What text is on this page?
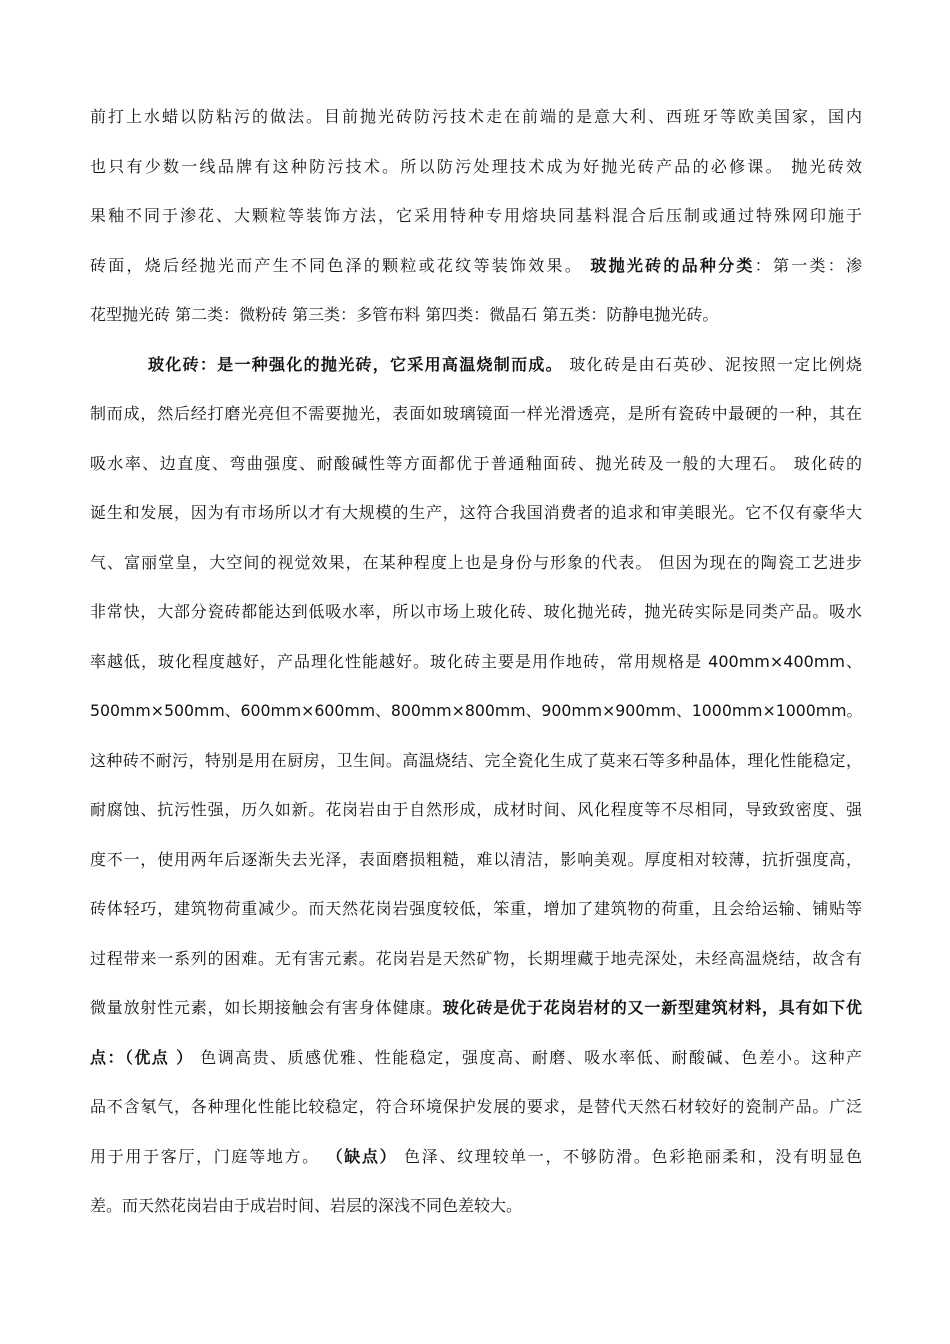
前打上水蜡以防粘污的做法。目前抛光砖防污技术走在前端的是意大利、西班牙等欧美国家，国内
也只有少数一线品牌有这种防污技术。所以防污处理技术成为好抛光砖产品的必修课。 抛光砖效
果釉不同于渗花、大颗粒等装饰方法，它采用特种专用熔块同基料混合后压制或通过特殊网印施于
砖面，烧后经抛光而产生不同色泽的颗粒或花纹等装饰效果。 玻抛光砖的品种分类：第一类：渗
花型抛光砖 第二类：微粉砖 第三类：多管布料 第四类：微晶石 第五类：防静电抛光砖。
玻化砖：是一种强化的抛光砖，它采用高温烧制而成。 玻化砖是由石英砂、泥按照一定比例烧
制而成，然后经打磨光亮但不需要抛光，表面如玻璃镜面一样光滑透亮，是所有瓷砖中最硬的一种，其在
吸水率、边直度、弯曲强度、耐酸碱性等方面都优于普通釉面砖、抛光砖及一般的大理石。 玻化砖的
诞生和发展，因为有市场所以才有大规模的生产，这符合我国消费者的追求和审美眼光。它不仅有豪华大
气、富丽堂皇，大空间的视觉效果，在某种程度上也是身份与形象的代表。 但因为现在的陶瓷工艺进步
非常快，大部分瓷砖都能达到低吸水率，所以市场上玻化砖、玻化抛光砖，抛光砖实际是同类产品。吸水
率越低，玻化程度越好，产品理化性能越好。玻化砖主要是用作地砖，常用规格是 400mm×400mm、
500mm×500mm、600mm×600mm、800mm×800mm、900mm×900mm、1000mm×1000mm。
这种砖不耐污，特别是用在厨房，卫生间。高温烧结、完全瓷化生成了莫来石等多种晶体，理化性能稳定，
耐腐蚀、抗污性强，历久如新。花岗岩由于自然形成，成材时间、风化程度等不尽相同，导致致密度、强
度不一，使用两年后逐渐失去光泽，表面磨损粗糙，难以清洁，影响美观。厚度相对较薄，抗折强度高，
砖体轻巧，建筑物荷重减少。而天然花岗岩强度较低，笨重，增加了建筑物的荷重，且会给运输、铺贴等
过程带来一系列的困难。无有害元素。花岗岩是天然矿物，长期埋藏于地壳深处，未经高温烧结，故含有
微量放射性元素，如长期接触会有害身体健康。玻化砖是优于花岗岩材的又一新型建筑材料，具有如下优
点：（优点 ） 色调高贵、质感优雅、性能稳定，强度高、耐磨、吸水率低、耐酸碱、色差小。这种产
品不含氡气，各种理化性能比较稳定，符合环境保护发展的要求，是替代天然石材较好的瓷制产品。广泛
用于用于客厅，门庭等地方。 （缺点） 色泽、纹理较单一，不够防滑。色彩艳丽柔和，没有明显色
差。而天然花岗岩由于成岩时间、岩层的深浅不同色差较大。
